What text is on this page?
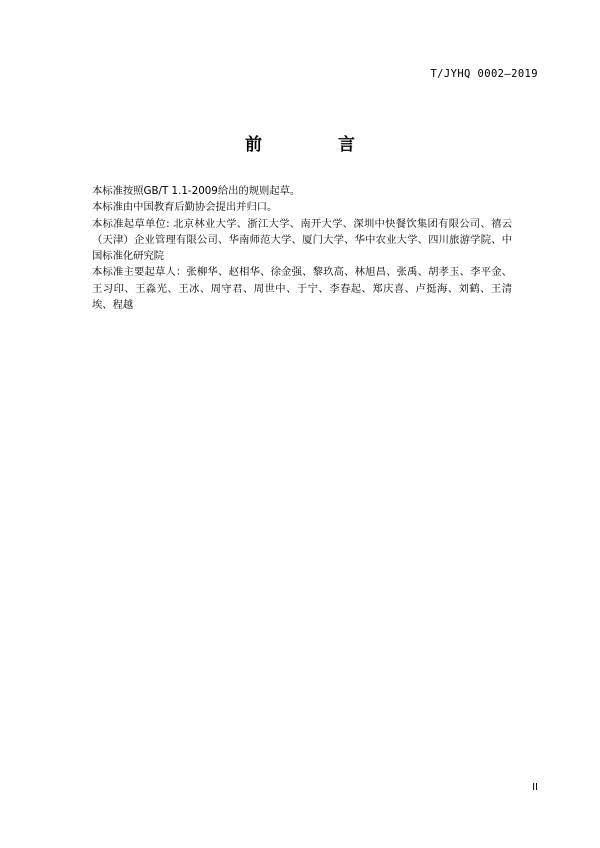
T/JYHQ 0002—2019
前　　言

本标准按照GB/T 1.1-2009给出的规则起草。

本标准由中国教育后勤协会提出并归口。

本标准起草单位: 北京林业大学、浙江大学、南开大学、深圳中快餐饮集团有限公司、禧云（天津）企业管理有限公司、华南师范大学、厦门大学、华中农业大学、四川旅游学院、中国标准化研究院

本标准主要起草人：张柳华、赵相华、徐金强、黎玖高、林旭昌、张禹、胡孝玉、李平金、王习印、王淼光、王冰、周守君、周世中、于宁、李春起、郑庆喜、卢挺海、刘鹤、王清埃、程越

II
